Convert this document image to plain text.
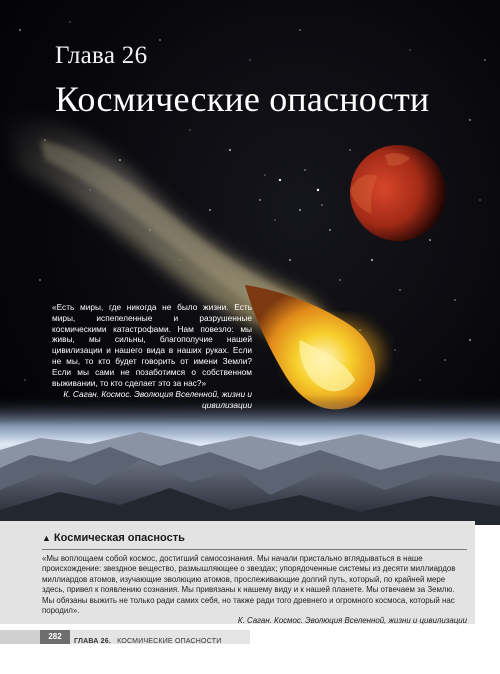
Глава 26
Космические опасности
«Есть миры, где никогда не было жизни. Есть миры, испепеленные и разрушенные космическими катастрофами. Нам повезло: мы живы, мы сильны, благополучие нашей цивилизации и нашего вида в наших руках. Если не мы, то кто будет говорить от имени Земли? Если мы сами не позаботимся о собственном выживании, то кто сделает это за нас?»
К. Саган. Космос. Эволюция Вселенной, жизни и цивилизации
▲ Космическая опасность
«Мы воплощаем собой космос, достигший самосознания. Мы начали пристально вглядываться в наше происхождение: звездное вещество, размышляющее о звездах; упорядоченные системы из десяти миллиардов миллиардов атомов, изучающие эволюцию атомов, прослеживающие долгий путь, который, по крайней мере здесь, привел к появлению сознания. Мы привязаны к нашему виду и к нашей планете. Мы отвечаем за Землю. Мы обязаны выжить не только ради самих себя, но также ради того древнего и огромного космоса, который нас породил».
К. Саган. Космос. Эволюция Вселенной, жизни и цивилизации
282
ГЛАВА 26. КОСМИЧЕСКИЕ ОПАСНОСТИ
